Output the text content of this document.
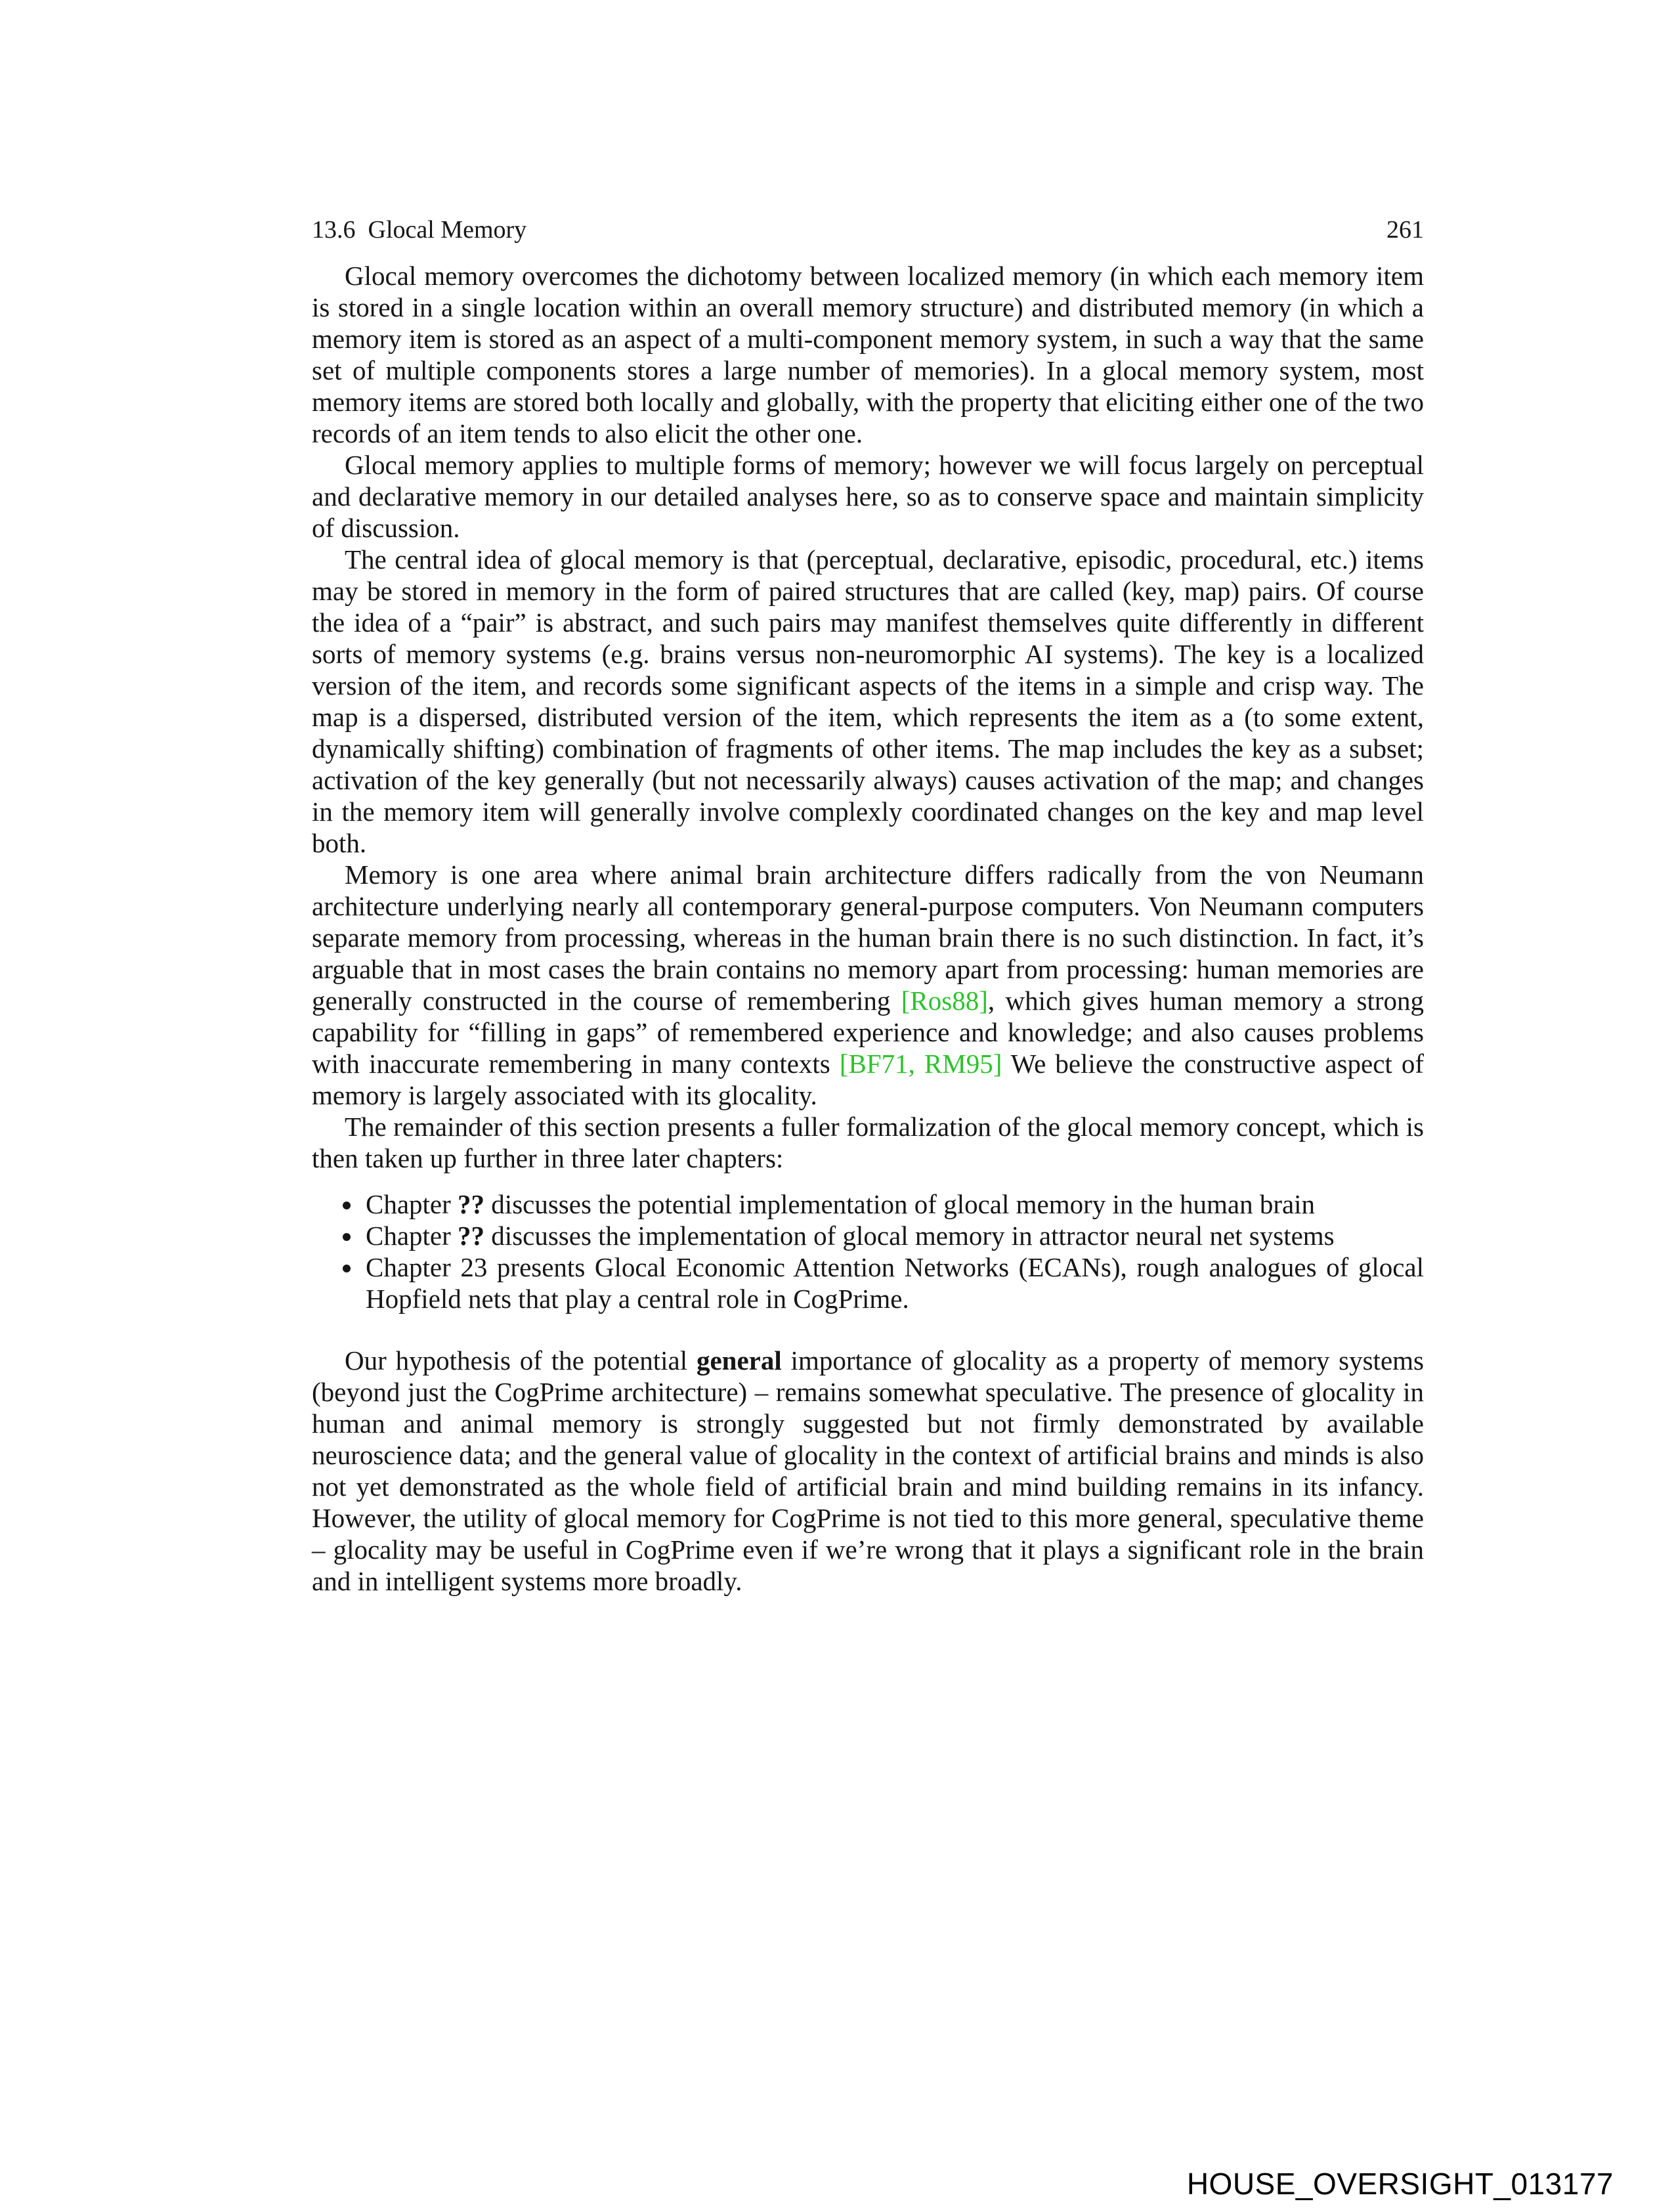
13.6 Glocal Memory	261

Glocal memory overcomes the dichotomy between localized memory (in which each memory item is stored in a single location within an overall memory structure) and distributed memory (in which a memory item is stored as an aspect of a multi-component memory system, in such a way that the same set of multiple components stores a large number of memories). In a glocal memory system, most memory items are stored both locally and globally, with the property that eliciting either one of the two records of an item tends to also elicit the other one.

Glocal memory applies to multiple forms of memory; however we will focus largely on perceptual and declarative memory in our detailed analyses here, so as to conserve space and maintain simplicity of discussion.

The central idea of glocal memory is that (perceptual, declarative, episodic, procedural, etc.) items may be stored in memory in the form of paired structures that are called (key, map) pairs. Of course the idea of a “pair” is abstract, and such pairs may manifest themselves quite differently in different sorts of memory systems (e.g. brains versus non-neuromorphic AI systems). The key is a localized version of the item, and records some significant aspects of the items in a simple and crisp way. The map is a dispersed, distributed version of the item, which represents the item as a (to some extent, dynamically shifting) combination of fragments of other items. The map includes the key as a subset; activation of the key generally (but not necessarily always) causes activation of the map; and changes in the memory item will generally involve complexly coordinated changes on the key and map level both.

Memory is one area where animal brain architecture differs radically from the von Neumann architecture underlying nearly all contemporary general-purpose computers. Von Neumann computers separate memory from processing, whereas in the human brain there is no such distinction. In fact, it’s arguable that in most cases the brain contains no memory apart from processing: human memories are generally constructed in the course of remembering [Ros88], which gives human memory a strong capability for “filling in gaps” of remembered experience and knowledge; and also causes problems with inaccurate remembering in many contexts [BF71, RM95] We believe the constructive aspect of memory is largely associated with its glocality.

The remainder of this section presents a fuller formalization of the glocal memory concept, which is then taken up further in three later chapters:

• Chapter ?? discusses the potential implementation of glocal memory in the human brain
• Chapter ?? discusses the implementation of glocal memory in attractor neural net systems
• Chapter 23 presents Glocal Economic Attention Networks (ECANs), rough analogues of glocal Hopfield nets that play a central role in CogPrime.

Our hypothesis of the potential general importance of glocality as a property of memory systems (beyond just the CogPrime architecture) – remains somewhat speculative. The presence of glocality in human and animal memory is strongly suggested but not firmly demonstrated by available neuroscience data; and the general value of glocality in the context of artificial brains and minds is also not yet demonstrated as the whole field of artificial brain and mind building remains in its infancy. However, the utility of glocal memory for CogPrime is not tied to this more general, speculative theme – glocality may be useful in CogPrime even if we’re wrong that it plays a significant role in the brain and in intelligent systems more broadly.

HOUSE_OVERSIGHT_013177
